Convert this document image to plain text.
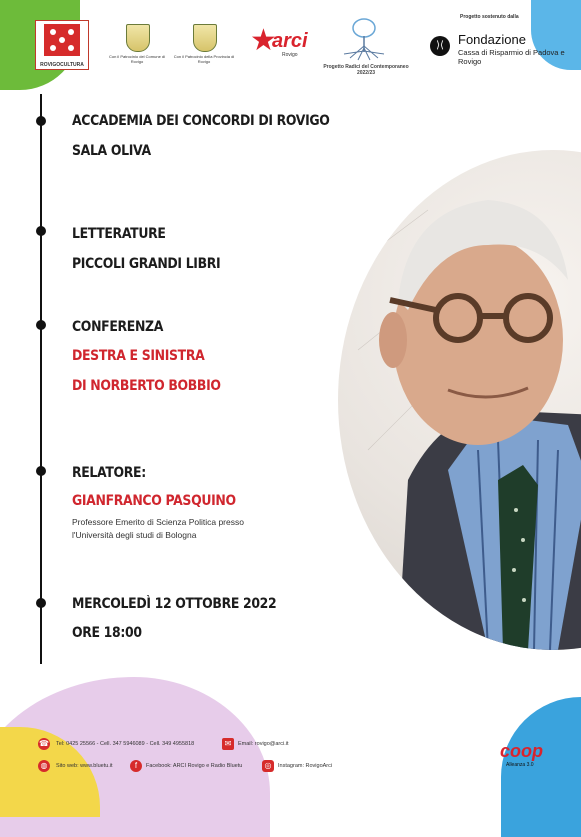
ROVIGOCULTURA
Con il Patrocinio del Comune di Rovigo
Con il Patrocinio della Provincia di Rovigo
★
arci
Rovigo
Progetto Radici del Contemporaneo 2022/23
Progetto sostenuto dalla
⟩⟨	Fondazione
Cassa di Risparmio di Padova e Rovigo
ACCADEMIA DEI CONCORDI DI ROVIGO
SALA OLIVA
LETTERATURE
PICCOLI GRANDI LIBRI
CONFERENZA
DESTRA E SINISTRA
DI NORBERTO BOBBIO
RELATORE:
GIANFRANCO PASQUINO
Professore Emerito di Scienza Politica presso
l'Università degli studi di Bologna
MERCOLEDÌ 12 OTTOBRE 2022
ORE 18:00
☎ Tel: 0425 25566 - Cell. 347 5946089 - Cell. 349 4955818	✉	Email: rovigo@arci.it
◍	Sito web: www.bluetu.it	f	Facebook: ARCI Rovigo e Radio Bluetu	◎	Instagram: RovigoArci
coop
Alleanza 3.0
